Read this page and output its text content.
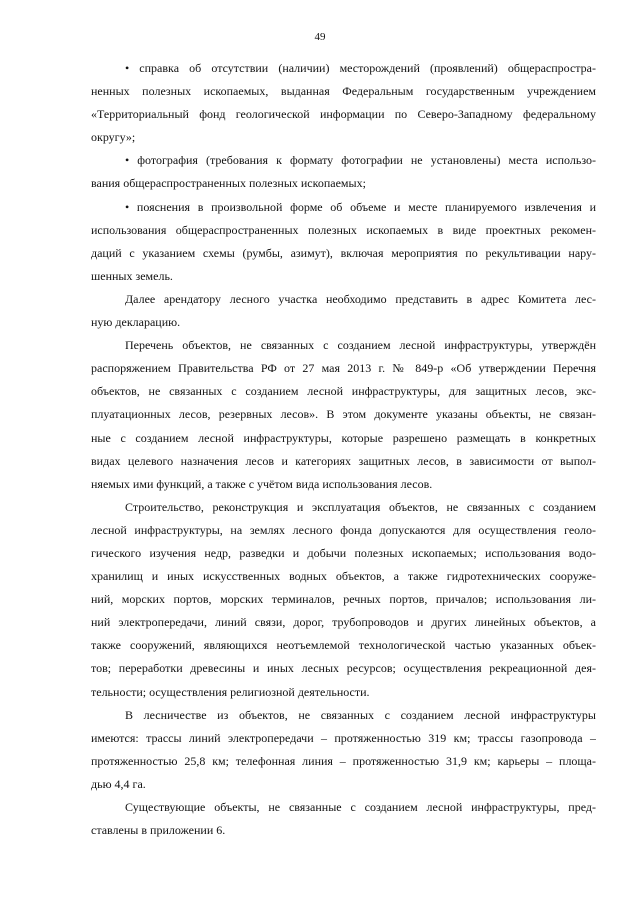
49
• справка об отсутствии (наличии) месторождений (проявлений) общераспростра-
ненных полезных ископаемых, выданная Федеральным государственным учреждением
«Территориальный фонд геологической информации по Северо-Западному федеральному
округу»;
• фотография (требования к формату фотографии не установлены) места использо-
вания общераспространенных полезных ископаемых;
• пояснения в произвольной форме об объеме и месте планируемого извлечения и
использования общераспространенных полезных ископаемых в виде проектных рекомен-
даций с указанием схемы (румбы, азимут), включая мероприятия по рекультивации нару-
шенных земель.
Далее арендатору лесного участка необходимо представить в адрес Комитета лес-
ную декларацию.
Перечень объектов, не связанных с созданием лесной инфраструктуры, утверждён
распоряжением Правительства РФ от 27 мая 2013 г. № 849-р «Об утверждении Перечня
объектов, не связанных с созданием лесной инфраструктуры, для защитных лесов, экс-
плуатационных лесов, резервных лесов». В этом документе указаны объекты, не связан-
ные с созданием лесной инфраструктуры, которые разрешено размещать в конкретных
видах целевого назначения лесов и категориях защитных лесов, в зависимости от выпол-
няемых ими функций, а также с учётом вида использования лесов.
Строительство, реконструкция и эксплуатация объектов, не связанных с созданием
лесной инфраструктуры, на землях лесного фонда допускаются для осуществления геоло-
гического изучения недр, разведки и добычи полезных ископаемых; использования водо-
хранилищ и иных искусственных водных объектов, а также гидротехнических сооруже-
ний, морских портов, морских терминалов, речных портов, причалов; использования ли-
ний электропередачи, линий связи, дорог, трубопроводов и других линейных объектов, а
также сооружений, являющихся неотъемлемой технологической частью указанных объек-
тов; переработки древесины и иных лесных ресурсов; осуществления рекреационной дея-
тельности; осуществления религиозной деятельности.
В лесничестве из объектов, не связанных с созданием лесной инфраструктуры
имеются: трассы линий электропередачи – протяженностью 319 км; трассы газопровода –
протяженностью 25,8 км; телефонная линия – протяженностью 31,9 км; карьеры – площа-
дью 4,4 га.
Существующие объекты, не связанные с созданием лесной инфраструктуры, пред-
ставлены в приложении 6.
